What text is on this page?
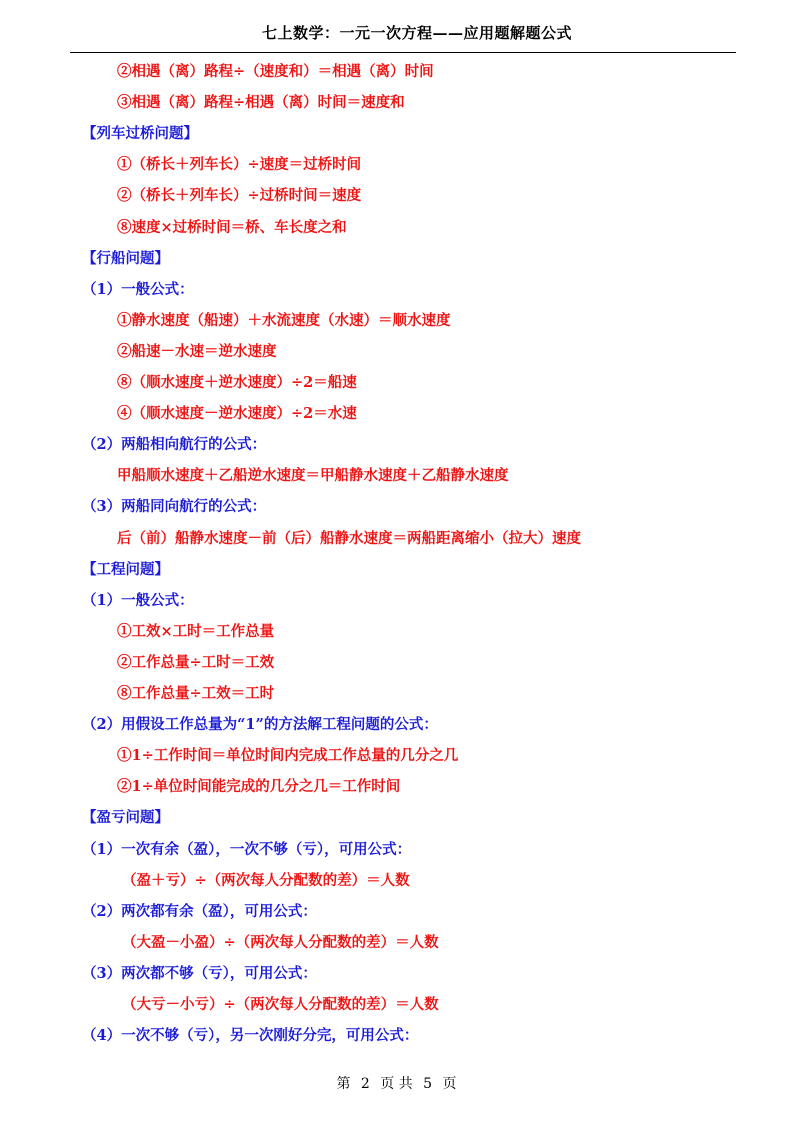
七上数学：一元一次方程——应用题解题公式
②相遇（离）路程÷（速度和）＝相遇（离）时间
③相遇（离）路程÷相遇（离）时间＝速度和
【列车过桥问题】
①（桥长＋列车长）÷速度＝过桥时间
②（桥长＋列车长）÷过桥时间＝速度
⑧速度×过桥时间＝桥、车长度之和
【行船问题】
（1）一般公式：
①静水速度（船速）＋水流速度（水速）＝顺水速度
②船速－水速＝逆水速度
⑧（顺水速度＋逆水速度）÷2＝船速
④（顺水速度－逆水速度）÷2＝水速
（2）两船相向航行的公式：
甲船顺水速度＋乙船逆水速度＝甲船静水速度＋乙船静水速度
（3）两船同向航行的公式：
后（前）船静水速度－前（后）船静水速度＝两船距离缩小（拉大）速度
【工程问题】
（1）一般公式：
①工效×工时＝工作总量
②工作总量÷工时＝工效
⑧工作总量÷工效＝工时
（2）用假设工作总量为“1”的方法解工程问题的公式：
①1÷工作时间＝单位时间内完成工作总量的几分之几
②1÷单位时间能完成的几分之几＝工作时间
【盈亏问题】
（1）一次有余（盈），一次不够（亏），可用公式：
（盈＋亏）÷（两次每人分配数的差）＝人数
（2）两次都有余（盈），可用公式：
（大盈－小盈）÷（两次每人分配数的差）＝人数
（3）两次都不够（亏），可用公式：
（大亏－小亏）÷（两次每人分配数的差）＝人数
（4）一次不够（亏），另一次刚好分完，可用公式：
第 2 页 共 5 页
